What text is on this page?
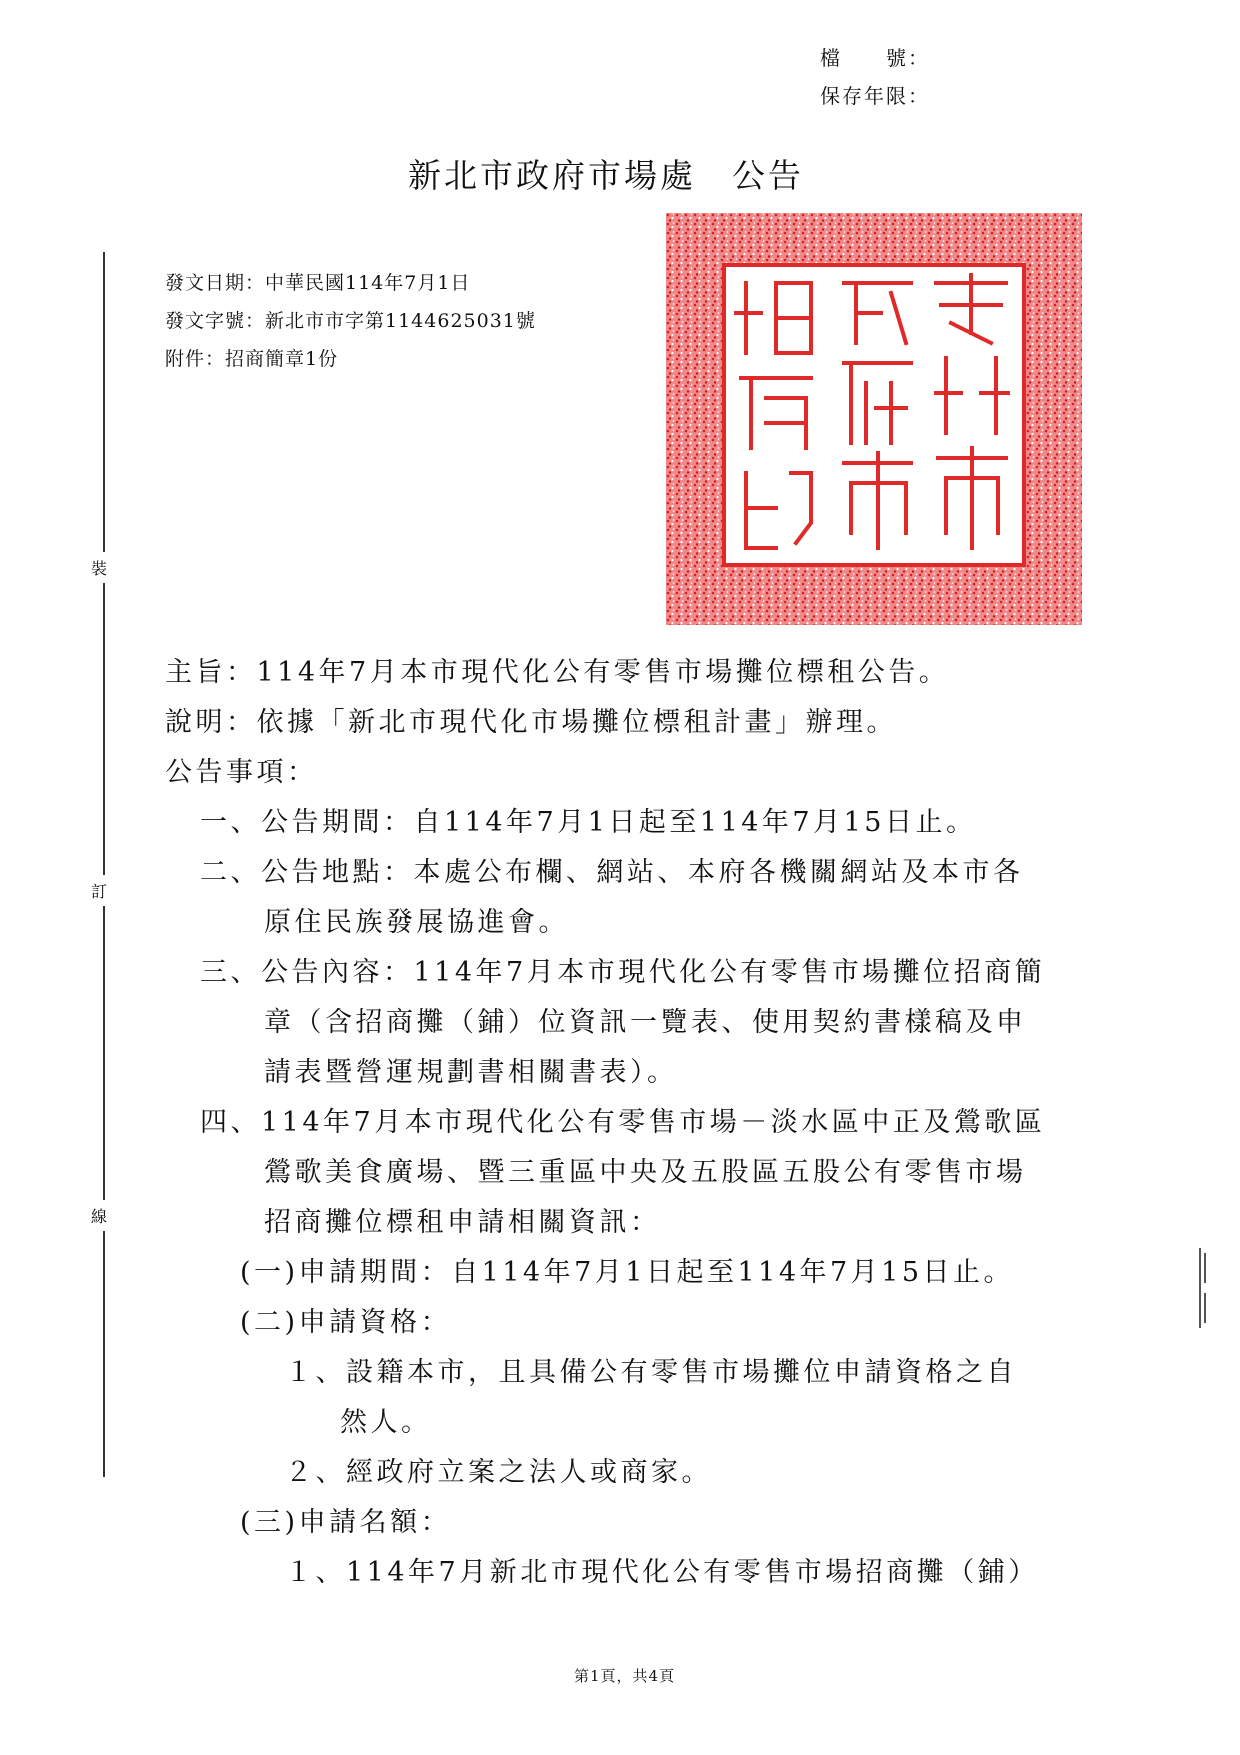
檔　　號：
保存年限：
新北市政府市場處　公告
裝
訂
線
發文日期：中華民國114年7月1日
發文字號：新北市市字第1144625031號
附件：招商簡章1份
主旨：114年7月本市現代化公有零售市場攤位標租公告。
說明：依據「新北市現代化市場攤位標租計畫」辦理。
公告事項：
一、公告期間：自114年7月1日起至114年7月15日止。
二、公告地點：本處公布欄、網站、本府各機關網站及本市各
原住民族發展協進會。
三、公告內容：114年7月本市現代化公有零售市場攤位招商簡
章（含招商攤（鋪）位資訊一覽表、使用契約書樣稿及申
請表暨營運規劃書相關書表）。
四、114年7月本市現代化公有零售市場－淡水區中正及鶯歌區
鶯歌美食廣場、暨三重區中央及五股區五股公有零售市場
招商攤位標租申請相關資訊：
(一)申請期間：自114年7月1日起至114年7月15日止。
(二)申請資格：
１、設籍本市，且具備公有零售市場攤位申請資格之自
然人。
２、經政府立案之法人或商家。
(三)申請名額：
１、114年7月新北市現代化公有零售市場招商攤（鋪）
第1頁，共4頁
